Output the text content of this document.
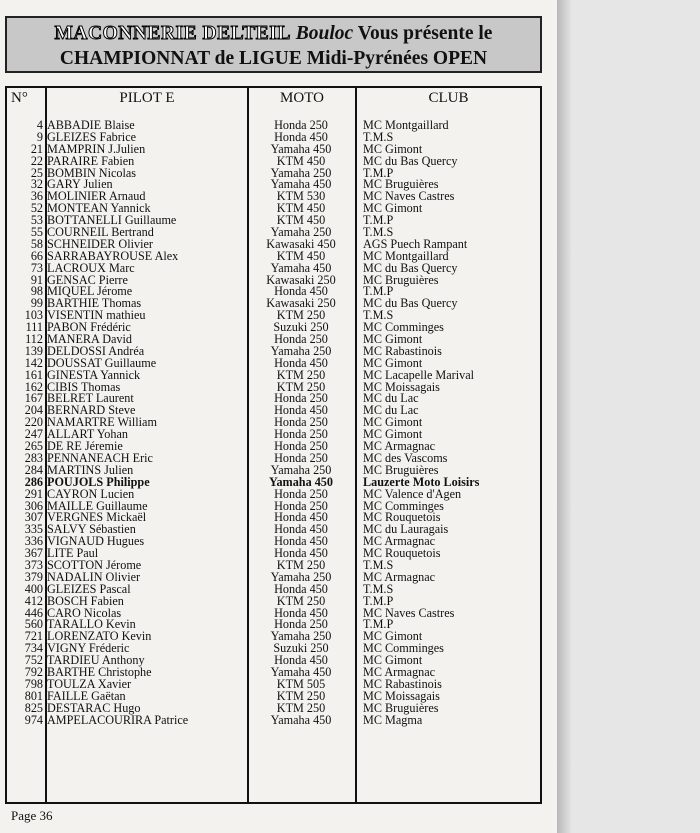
MACONNERIE DELTEIL Bouloc Vous présente le
CHAMPIONNAT de LIGUE Midi-Pyrénées OPEN
N°	PILOT E	MOTO	CLUB
4 ABBADIE Blaise	Honda 250	MC Montgaillard
9 GLEIZES Fabrice	Honda 450	T.M.S
21 MAMPRIN J.Julien	Yamaha 450	MC Gimont
22 PARAIRE Fabien	KTM 450	MC du Bas Quercy
25 BOMBIN Nicolas	Yamaha 250	T.M.P
32 GARY Julien	Yamaha 450	MC Bruguières
36 MOLINIER Arnaud	KTM 530	MC Naves Castres
52 MONTEAN Yannick	KTM 450	MC Gimont
53 BOTTANELLI Guillaume	KTM 450	T.M.P
55 COURNEIL Bertrand	Yamaha 250	T.M.S
58 SCHNEIDER Olivier	Kawasaki 450	AGS Puech Rampant
66 SARRABAYROUSE Alex	KTM 450	MC Montgaillard
73 LACROUX Marc	Yamaha 450	MC du Bas Quercy
91 GENSAC Pierre	Kawasaki 250	MC Bruguières
98 MIQUEL Jérome	Honda 450	T.M.P
99 BARTHIE Thomas	Kawasaki 250	MC du Bas Quercy
103 VISENTIN mathieu	KTM 250	T.M.S
111 PABON Frédéric	Suzuki 250	MC Comminges
112 MANERA David	Honda 250	MC Gimont
139 DELDOSSI Andréa	Yamaha 250	MC Rabastinois
142 DOUSSAT Guillaume	Honda 450	MC Gimont
161 GINESTA Yannick	KTM 250	MC Lacapelle Marival
162 CIBIS Thomas	KTM 250	MC Moissagais
167 BELRET Laurent	Honda 250	MC du Lac
204 BERNARD Steve	Honda 450	MC du Lac
220 NAMARTRE William	Honda 250	MC Gimont
247 ALLART Yohan	Honda 250	MC Gimont
265 DE RE Jéremie	Honda 250	MC Armagnac
283 PENNANEACH Eric	Honda 250	MC des Vascoms
284 MARTINS Julien	Yamaha 250	MC Bruguières
286 POUJOLS Philippe	Yamaha 450	Lauzerte Moto Loisirs
291 CAYRON Lucien	Honda 250	MC Valence d'Agen
306 MAILLE Guillaume	Honda 250	MC Comminges
307 VERGNES Mickaël	Honda 450	MC Rouquetois
335 SALVY Sébastien	Honda 450	MC du Lauragais
336 VIGNAUD Hugues	Honda 450	MC Armagnac
367 LITE Paul	Honda 450	MC Rouquetois
373 SCOTTON Jérome	KTM 250	T.M.S
379 NADALIN Olivier	Yamaha 250	MC Armagnac
400 GLEIZES Pascal	Honda 450	T.M.S
412 BOSCH Fabien	KTM 250	T.M.P
446 CARO Nicolas	Honda 450	MC Naves Castres
560 TARALLO Kevin	Honda 250	T.M.P
721 LORENZATO Kevin	Yamaha 250	MC Gimont
734 VIGNY Fréderic	Suzuki 250	MC Comminges
752 TARDIEU Anthony	Honda 450	MC Gimont
792 BARTHE Christophe	Yamaha 450	MC Armagnac
798 TOULZA Xavier	KTM 505	MC Rabastinois
801 FAILLE Gaëtan	KTM 250	MC Moissagais
825 DESTARAC Hugo	KTM 250	MC Bruguières
974 AMPELACOURIRA Patrice	Yamaha 450	MC Magma
Page 36
